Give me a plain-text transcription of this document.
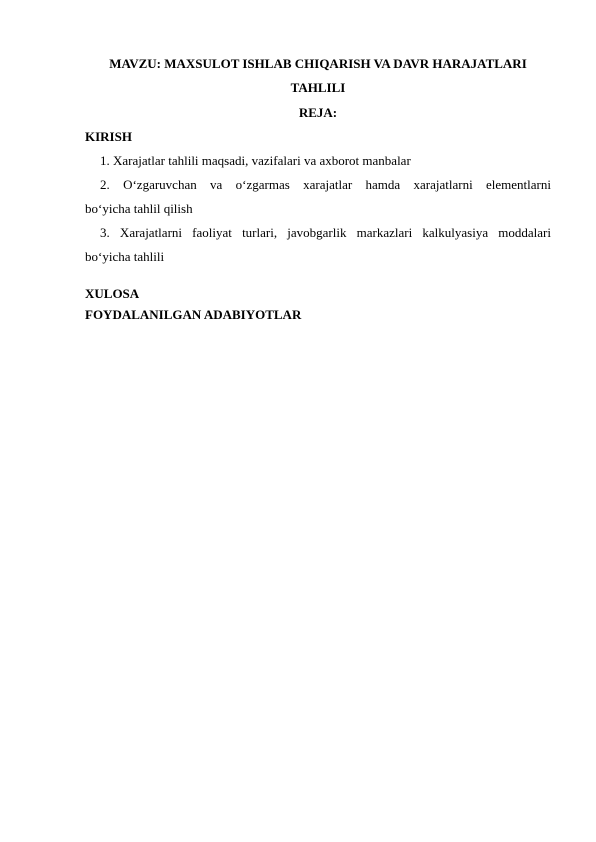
MAVZU: MAXSULOT ISHLAB CHIQARISH VA DAVR HARAJATLARI
TAHLILI
REJA:
KIRISH
1. Xarajatlar tahlili maqsadi, vazifalari va axborot manbalar
2. O‘zgaruvchan va o‘zgarmas xarajatlar hamda xarajatlarni elementlarni
bo‘yicha tahlil qilish
3. Xarajatlarni faoliyat turlari, javobgarlik markazlari kalkulyasiya moddalari
bo‘yicha tahlili
XULOSA
FOYDALANILGAN ADABIYOTLAR
